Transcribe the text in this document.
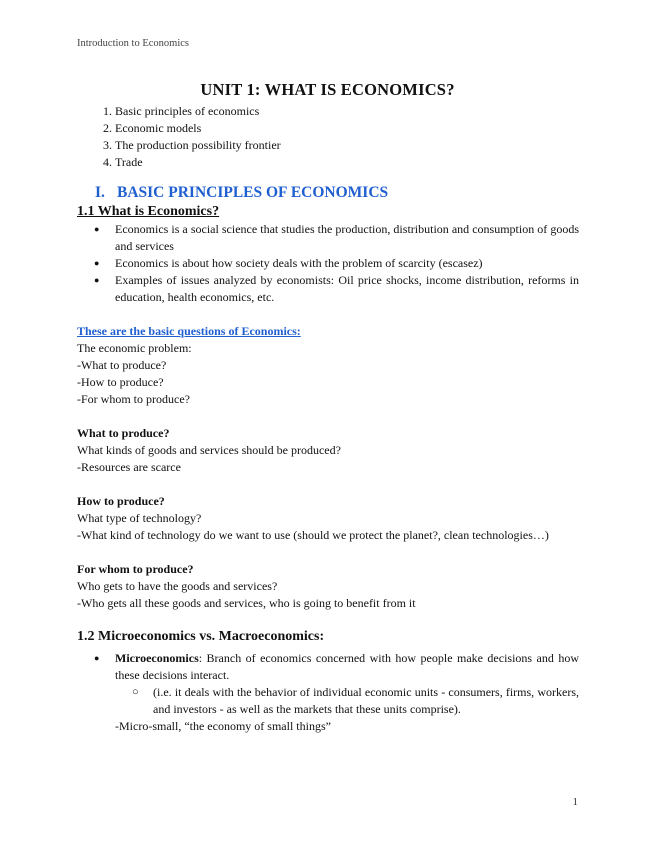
Introduction to Economics
UNIT 1: WHAT IS ECONOMICS?
1. Basic principles of economics
2. Economic models
3. The production possibility frontier
4. Trade
I. BASIC PRINCIPLES OF ECONOMICS
1.1 What is Economics?
● Economics is a social science that studies the production, distribution and consumption of goods and services
● Economics is about how society deals with the problem of scarcity (escasez)
● Examples of issues analyzed by economists: Oil price shocks, income distribution, reforms in education, health economics, etc.
These are the basic questions of Economics:

The economic problem:

-What to produce?

-How to produce?

-For whom to produce?

What to produce?

What kinds of goods and services should be produced?

-Resources are scarce

How to produce?

What type of technology?

-What kind of technology do we want to use (should we protect the planet?, clean technologies…)

For whom to produce?

Who gets to have the goods and services?

-Who gets all these goods and services, who is going to benefit from it

1.2 Microeconomics vs. Macroeconomics:
● Microeconomics: Branch of economics concerned with how people make decisions and how these decisions interact.
○ (i.e. it deals with the behavior of individual economic units - consumers, firms, workers, and investors - as well as the markets that these units comprise).

-Micro-small, “the economy of small things”

1
